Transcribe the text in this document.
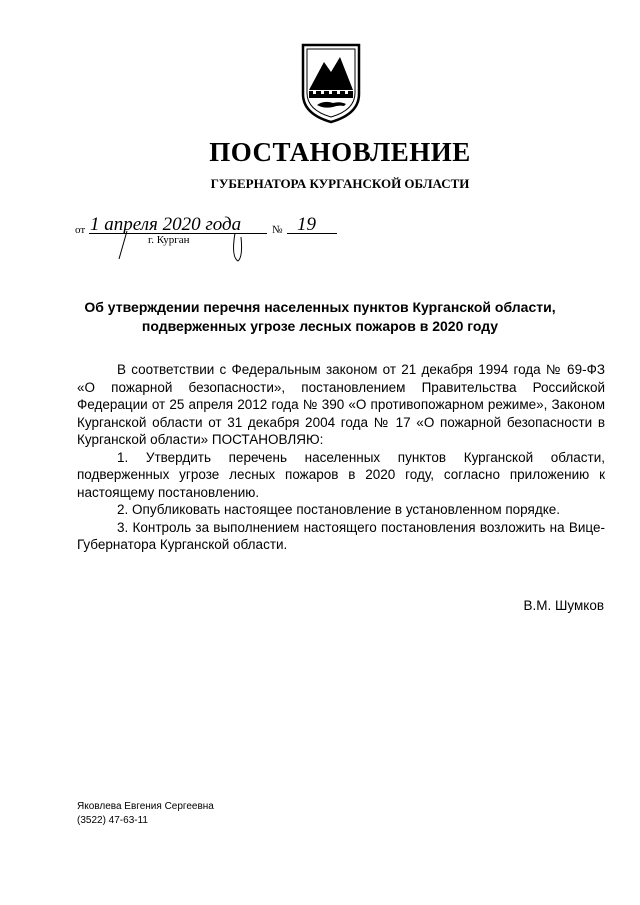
ПОСТАНОВЛЕНИЕ
ГУБЕРНАТОРА КУРГАНСКОЙ ОБЛАСТИ
от 1 апреля 2020 года	№ 19
г. Курган
Об утверждении перечня населенных пунктов Курганской области,
подверженных угрозе лесных пожаров в 2020 году

В соответствии с Федеральным законом от 21 декабря 1994 года № 69-ФЗ «О пожарной безопасности», постановлением Правительства Российской Федерации от 25 апреля 2012 года № 390 «О противопожарном режиме», Законом Курганской области от 31 декабря 2004 года № 17 «О пожарной безопасности в Курганской области» ПОСТАНОВЛЯЮ:

1. Утвердить перечень населенных пунктов Курганской области, подверженных угрозе лесных пожаров в 2020 году, согласно приложению к настоящему постановлению.

2. Опубликовать настоящее постановление в установленном порядке.

3. Контроль за выполнением настоящего постановления возложить на Вице-Губернатора Курганской области.

В.М. Шумков
Яковлева Евгения Сергеевна
(3522) 47-63-11
